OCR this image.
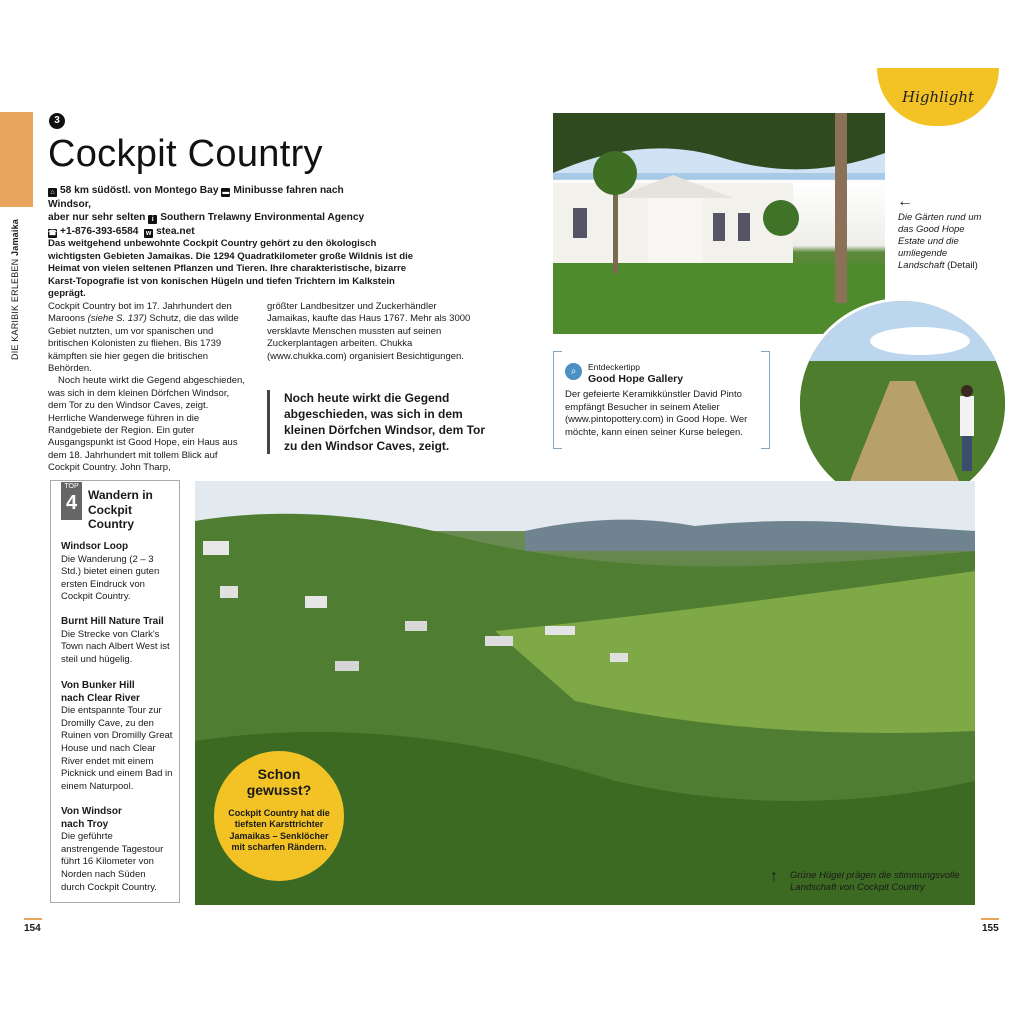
DIE KARIBIK ERLEBEN Jamaika
3
Cockpit Country
⌂ 58 km südöstl. von Montego Bay ▬ Minibusse fahren nach Windsor,
aber nur sehr selten i Southern Trelawny Environmental Agency
☎ +1-876-393-6584 w stea.net
Das weitgehend unbewohnte Cockpit Country gehört zu den ökologisch wichtigsten Gebieten Jamaikas. Die 1294 Quadratkilometer große Wildnis ist die Heimat von vielen seltenen Pflanzen und Tieren. Ihre charakteristische, bizarre Karst-Topografie ist von konischen Hügeln und tiefen Trichtern im Kalkstein geprägt.

Cockpit Country bot im 17. Jahrhundert den Maroons (siehe S. 137) Schutz, die das wilde Gebiet nutzten, um vor spanischen und britischen Kolonisten zu fliehen. Bis 1739 kämpften sie hier gegen die britischen Behörden.

Noch heute wirkt die Gegend abgeschieden, was sich in dem kleinen Dörfchen Windsor, dem Tor zu den Windsor Caves, zeigt. Herrliche Wanderwege führen in die Randgebiete der Region. Ein guter Ausgangspunkt ist Good Hope, ein Haus aus dem 18. Jahrhundert mit tollem Blick auf Cockpit Country. John Tharp,

größter Landbesitzer und Zuckerhändler Jamaikas, kaufte das Haus 1767. Mehr als 3000 versklavte Menschen mussten auf seinen Zuckerplantagen arbeiten. Chukka (www.chukka.com) organisiert Besichtigungen.

Noch heute wirkt die Gegend abgeschieden, was sich in dem kleinen Dörfchen Windsor, dem Tor zu den Windsor Caves, zeigt.
Highlight
←
Die Gärten rund um das Good Hope Estate und die umliegende Landschaft (Detail)
⌕	Entdeckertipp
Good Hope Gallery
Der gefeierte Keramikkünstler David Pinto empfängt Besucher in seinem Atelier (www.pintopottery.com) in Good Hope. Wer möchte, kann einen seiner Kurse belegen.
TOP
4 Wandern in Cockpit Country
Windsor Loop
Die Wanderung (2 – 3 Std.) bietet einen guten ersten Eindruck von Cockpit Country.
Burnt Hill Nature Trail
Die Strecke von Clark's Town nach Albert West ist steil und hügelig.
Von Bunker Hill nach Clear River
Die entspannte Tour zur Dromilly Cave, zu den Ruinen von Dromilly Great House und nach Clear River endet mit einem Picknick und einem Bad in einem Naturpool.
Von Windsor nach Troy
Die geführte anstrengende Tagestour führt 16 Kilometer von Norden nach Süden durch Cockpit Country.
Schon gewusst?
Cockpit Country hat die tiefsten Karsttrichter Jamaikas – Senklöcher mit scharfen Rändern.
↑ Grüne Hügel prägen die stimmungsvolle Landschaft von Cockpit Country
154	155
